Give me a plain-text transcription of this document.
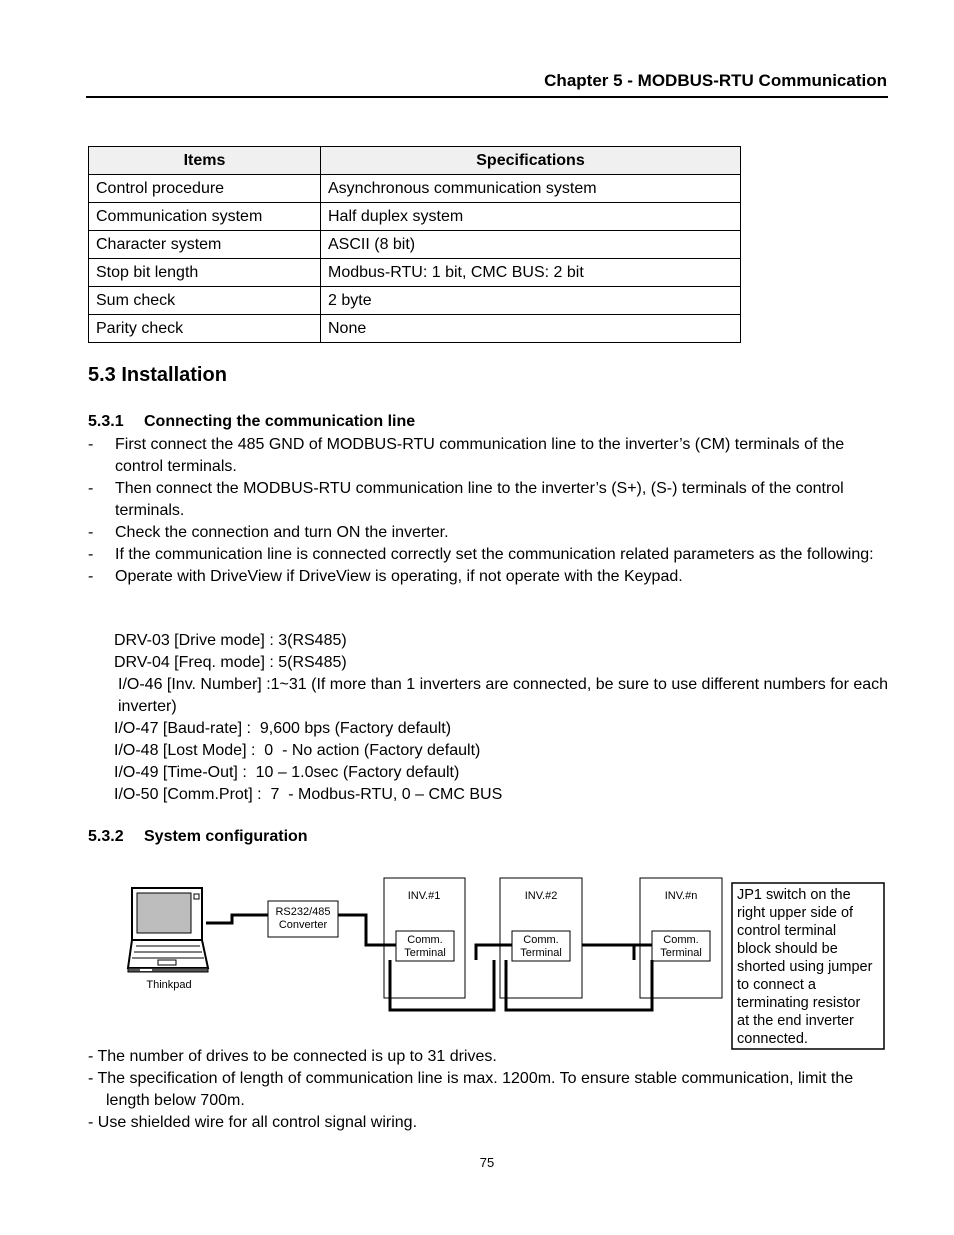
Chapter 5 - MODBUS-RTU Communication
Items	Specifications
Control procedure	Asynchronous communication system
Communication system	Half duplex system
Character system	ASCII (8 bit)
Stop bit length	Modbus-RTU: 1 bit, CMC BUS: 2 bit
Sum check	2 byte
Parity check	None
5.3 Installation
5.3.1 Connecting the communication line
- First connect the 485 GND of MODBUS-RTU communication line to the inverter’s (CM) terminals of the control terminals.
- Then connect the MODBUS-RTU communication line to the inverter’s (S+), (S-) terminals of the control terminals.
- Check the connection and turn ON the inverter.
- If the communication line is connected correctly set the communication related parameters as the following:
- Operate with DriveView if DriveView is operating, if not operate with the Keypad.
DRV-03 [Drive mode] : 3(RS485)
DRV-04 [Freq. mode] : 5(RS485)
I/O-46 [Inv. Number] :1~31 (If more than 1 inverters are connected, be sure to use different numbers for each inverter)
I/O-47 [Baud-rate] :  9,600 bps (Factory default)
I/O-48 [Lost Mode] :  0  - No action (Factory default)
I/O-49 [Time-Out] :  10 – 1.0sec (Factory default)
I/O-50 [Comm.Prot] :  7  - Modbus-RTU, 0 – CMC BUS
5.3.2 System configuration
Thinkpad
RS232/485
Converter
INV.#1
Comm.
Terminal
INV.#2
Comm.
Terminal
INV.#n
Comm.
Terminal
JP1 switch on the
right upper side of
control terminal
block should be
shorted using jumper
to connect a
terminating resistor
at the end inverter
connected.
- The number of drives to be connected is up to 31 drives.
- The specification of length of communication line is max. 1200m. To ensure stable communication, limit the length below 700m.
- Use shielded wire for all control signal wiring.
75
